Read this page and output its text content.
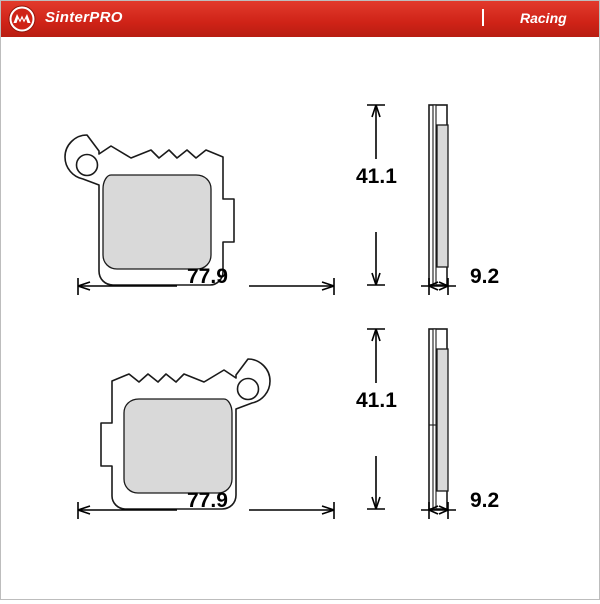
SinterPRO	Racing
41.1
77.9	9.2
41.1
77.9	9.2
